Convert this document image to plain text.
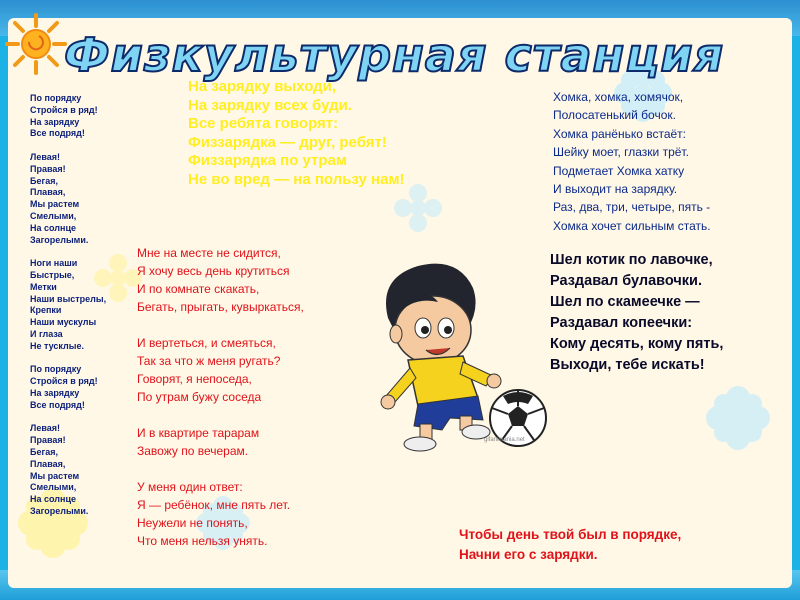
Физкультурная станция
По порядку
Стройся в ряд!
На зарядку
Все подряд!

Левая!
Правая!
Бегая,
Плавая,
Мы растем
Смелыми,
На солнце
Загорелыми.

Ноги наши
Быстрые,
Метки
Наши выстрелы,
Крепки
Наши мускулы
И глаза
Не тусклые.

По порядку
Стройся в ряд!
На зарядку
Все подряд!

Левая!
Правая!
Бегая,
Плавая,
Мы растем
Смелыми,
На солнце
Загорелыми.
На зарядку выходи,
На зарядку всех буди.
Все ребята говорят:
Физзарядка — друг, ребят!
Физзарядка по утрам
Не во вред — на пользу нам!
Мне на месте не сидится,
Я хочу весь день крутиться
И по комнате скакать,
Бегать, прыгать, кувыркаться,

И вертеться, и смеяться,
Так за что ж меня ругать?
Говорят, я непоседа,
По утрам бужу соседа

И в квартире тарарам
Завожу по вечерам.

У меня один ответ:
Я — ребёнок, мне пять лет.
Неужели не понять,
Что меня нельзя унять.
Хомка, хомка, хомячок,
Полосатенький бочок.
Хомка ранёнько встаёт:
Шейку моет, глазки трёт.
Подметает Хомка хатку
И выходит на зарядку.
Раз, два, три, четыре, пять -
Хомка хочет сильным стать.
Шел котик по лавочке,
Раздавал булавочки.
Шел по скамеечке —
Раздавал копеечки:
Кому десять, кому пять,
Выходи, тебе искать!
Чтобы день твой был в порядке,
Начни его с зарядки.
gifanimania.net
